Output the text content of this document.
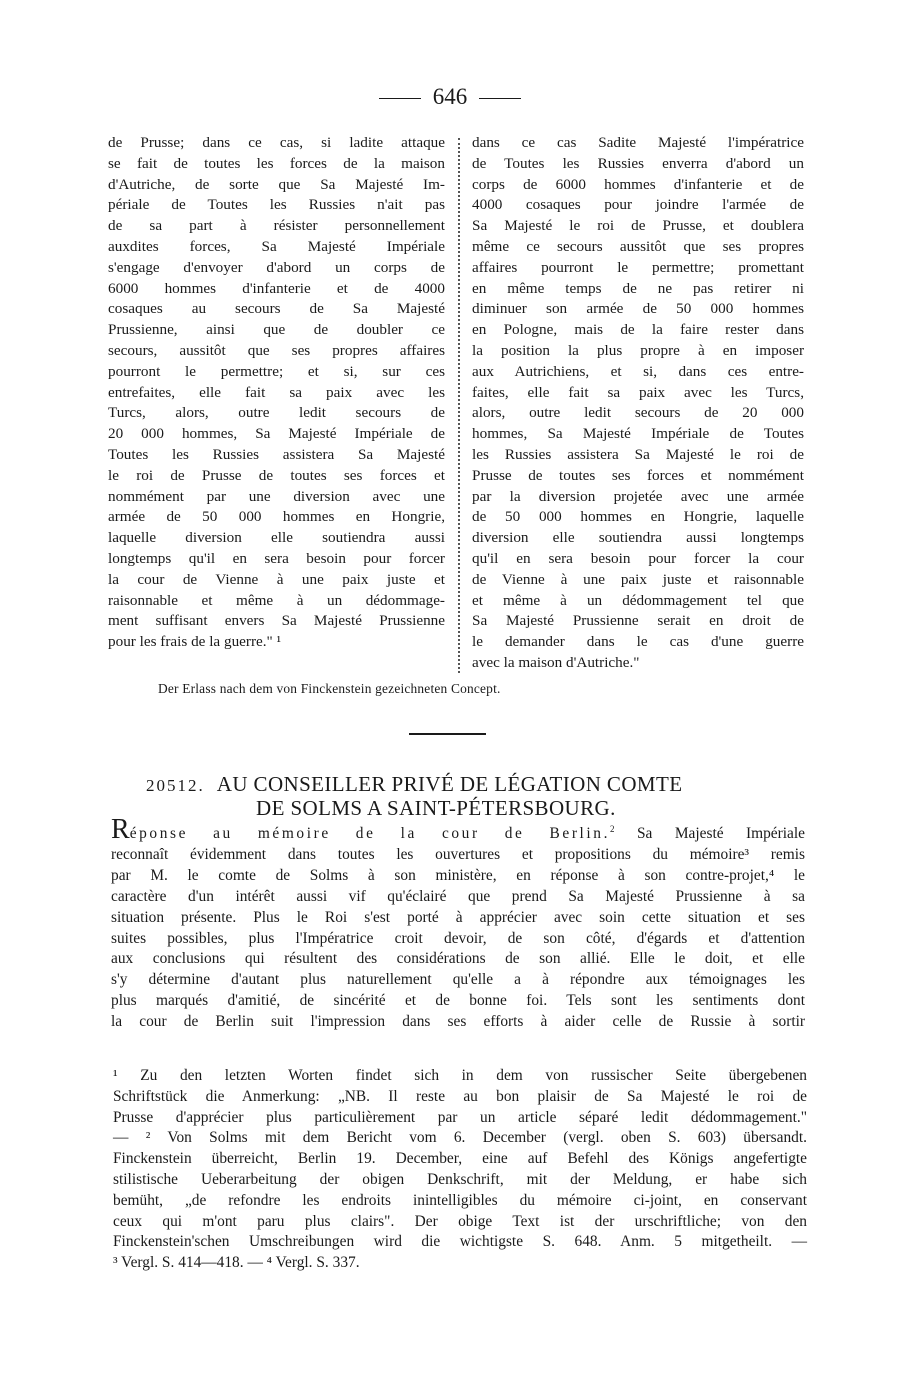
646
de Prusse; dans ce cas, si ladite attaque
se fait de toutes les forces de la maison
d'Autriche, de sorte que Sa Majesté Im-
périale de Toutes les Russies n'ait pas
de sa part à résister personnellement
auxdites forces, Sa Majesté Impériale
s'engage d'envoyer d'abord un corps de
6000 hommes d'infanterie et de 4000
cosaques au secours de Sa Majesté
Prussienne, ainsi que de doubler ce
secours, aussitôt que ses propres affaires
pourront le permettre; et si, sur ces
entrefaites, elle fait sa paix avec les
Turcs, alors, outre ledit secours de
20 000 hommes, Sa Majesté Impériale de
Toutes les Russies assistera Sa Majesté
le roi de Prusse de toutes ses forces et
nommément par une diversion avec une
armée de 50 000 hommes en Hongrie,
laquelle diversion elle soutiendra aussi
longtemps qu'il en sera besoin pour forcer
la cour de Vienne à une paix juste et
raisonnable et même à un dédommage-
ment suffisant envers Sa Majesté Prussienne
pour les frais de la guerre." ¹
dans ce cas Sadite Majesté l'impératrice
de Toutes les Russies enverra d'abord un
corps de 6000 hommes d'infanterie et de
4000 cosaques pour joindre l'armée de
Sa Majesté le roi de Prusse, et doublera
même ce secours aussitôt que ses propres
affaires pourront le permettre; promettant
en même temps de ne pas retirer ni
diminuer son armée de 50 000 hommes
en Pologne, mais de la faire rester dans
la position la plus propre à en imposer
aux Autrichiens, et si, dans ces entre-
faites, elle fait sa paix avec les Turcs,
alors, outre ledit secours de 20 000
hommes, Sa Majesté Impériale de Toutes
les Russies assistera Sa Majesté le roi de
Prusse de toutes ses forces et nommément
par la diversion projetée avec une armée
de 50 000 hommes en Hongrie, laquelle
diversion elle soutiendra aussi longtemps
qu'il en sera besoin pour forcer la cour
de Vienne à une paix juste et raisonnable
et même à un dédommagement tel que
Sa Majesté Prussienne serait en droit de
le demander dans le cas d'une guerre
avec la maison d'Autriche."
Der Erlass nach dem von Finckenstein gezeichneten Concept.
20512. AU CONSEILLER PRIVÉ DE LÉGATION COMTE
DE SOLMS A SAINT-PÉTERSBOURG.
Réponse au mémoire de la cour de Berlin.$^2$ Sa Majesté Impériale
reconnaît évidemment dans toutes les ouvertures et propositions du mémoire³ remis
par M. le comte de Solms à son ministère, en réponse à son contre-projet,⁴ le
caractère d'un intérêt aussi vif qu'éclairé que prend Sa Majesté Prussienne à sa
situation présente. Plus le Roi s'est porté à apprécier avec soin cette situation et ses
suites possibles, plus l'Impératrice croit devoir, de son côté, d'égards et d'attention
aux conclusions qui résultent des considérations de son allié. Elle le doit, et elle
s'y détermine d'autant plus naturellement qu'elle a à répondre aux témoignages les
plus marqués d'amitié, de sincérité et de bonne foi. Tels sont les sentiments dont
la cour de Berlin suit l'impression dans ses efforts à aider celle de Russie à sortir
¹ Zu den letzten Worten findet sich in dem von russischer Seite übergebenen
Schriftstück die Anmerkung: „NB. Il reste au bon plaisir de Sa Majesté le roi de
Prusse d'apprécier plus particulièrement par un article séparé ledit dédommagement."
— ² Von Solms mit dem Bericht vom 6. December (vergl. oben S. 603) übersandt.
Finckenstein überreicht, Berlin 19. December, eine auf Befehl des Königs angefertigte
stilistische Ueberarbeitung der obigen Denkschrift, mit der Meldung, er habe sich
bemüht, „de refondre les endroits inintelligibles du mémoire ci-joint, en conservant
ceux qui m'ont paru plus clairs". Der obige Text ist der urschriftliche; von den
Finckenstein'schen Umschreibungen wird die wichtigste S. 648. Anm. 5 mitgetheilt. —
³ Vergl. S. 414—418. — ⁴ Vergl. S. 337.
